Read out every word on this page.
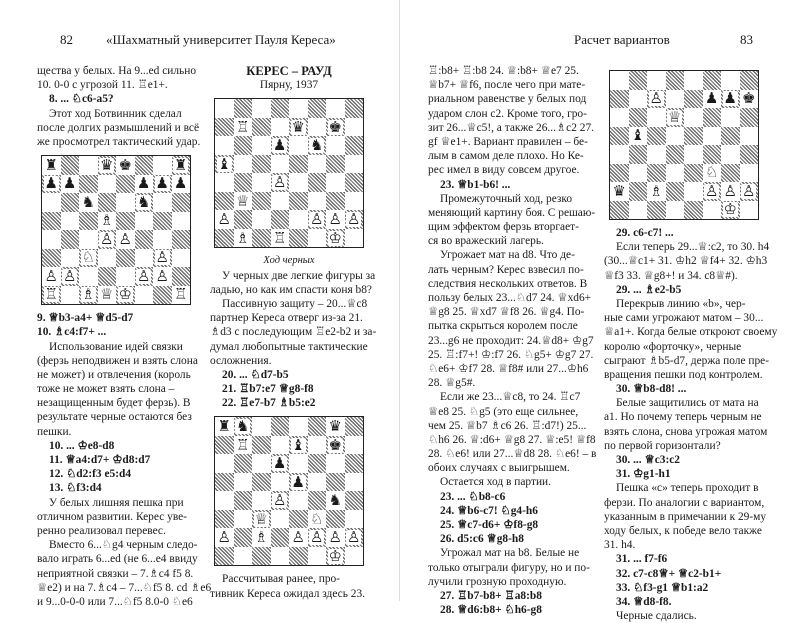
82	«Шахматный университет Пауля Кереса»	Расчет вариантов	83

щества у белых. На 9...ed сильно

10. 0-0 с угрозой 11. ♖e1+.

8. ... ♘c6-a5?

Этот ход Ботвинник сделал

после долгих размышлений и всё

же просмотрел тактический удар.

♜	♛ ♚	♜
♟ ♟	♟ ♟ ♟
♞	♞
♗
♙ ♙
♘	♙
♙ ♙	♙ ♙
♖ ♗ ♕ ♔	♖

9. ♕b3-a4+ ♕d5-d7

10. ♗c4:f7+ ...

Использование идей связки

(ферзь неподвижен и взять слона

не может) и отвлечения (король

тоже не может взять слона –

незащищенным будет ферзь). В

результате черные остаются без

пешки.

10. ... ♔e8-d8

11. ♕a4:d7+ ♔d8:d7

12. ♘d2:f3 e5:d4

13. ♘f3:d4

У белых лишняя пешка при

отличном развитии. Керес уве-

ренно реализовал перевес.

Вместо 6...♘g4 черным следо-

вало играть 6...ed (не 6...e4 ввиду

неприятной связки – 7.♗c4 f5 8.

♕e2) и на 7.♗c4 – 7...♘f5 8. cd ♗e6

и 9...0-0-0 или 7...♘f5 8.0-0 ♘e6

КЕРЕС – РАУД

Пярну, 1937

♖	♛ ♚
♟ ♞
♝
♙
♕
♙	♙ ♙ ♙
♗ ♖	♔

Ход черных

У черных две легкие фигуры за

ладью, но как им спасти коня b8?

Пассивную защиту – 20...♕c8

партнер Кереса отверг из-за 21.

♗d3 с последующим ♖e2-b2 и за-

думал любопытные тактические

осложнения.

20. ... ♘d7-b5

21. ♖b7:e7 ♕g8-f8

22. ♖e7-b7 ♗b5:e2

♜ ♞	♛
♖	♝ ♚
♟
♟
♙	♞
♕	♘
♙ ♗ ♙ ♙ ♙ ♙
♔

Рассчитывая ранее, про-

тивник Кереса ожидал здесь 23.

♖:b8+ ♖:b8 24. ♕:b8+ ♕e7 25.

♕b7+ ♕f6, после чего при мате-

риальном равенстве у белых под

ударом слон c2. Кроме того, гро-

зит 26...♕c5!, а также 26...♗c2 27.

gf ♕e1+. Вариант правилен – бе-

лым в самом деле плохо. Но Ке-

рес имел в виду совсем другое.

23. ♕b1-b6! ...

Промежуточный ход, резко

меняющий картину боя. С решаю-

щим эффектом ферзь вторгает-

ся во вражеский лагерь.

Угрожает мат на d8. Что де-

лать черным? Керес взвесил по-

следствия нескольких ответов. В

пользу белых 23...♘d7 24. ♕xd6+

♕g8 25. ♕xd7 ♕f8 26. ♕g4. По-

пытка скрыться королем после

23...g6 не проходит: 24.♕d8+ ♔g7

25. ♖:f7+! ♔:f7 26. ♘g5+ ♔g7 27.

♘e6+ ♔f7 28. ♕f8# или 27...♔h6

28. ♕g5#.

Если же 23...♕c8, то 24. ♖c7

♕e8 25. ♘g5 (это еще сильнее,

чем 25. ♕b7 ♗c6 26. ♖:d7!) 25...

♘h6 26. ♕:d6+ ♕g8 27. ♕:e5! ♕f8

28. ♘e6! или 27...♕d8 28. ♘e6! – в

обоих случаях с выигрышем.

Остается ход в партии.

23. ... ♘b8-c6

24. ♕b6-c7! ♘g4-h6

25. ♕c7-d6+ ♔f8-g8

26. d5:c6 ♕g8-h8

Угрожал мат на b8. Белые не

только отыграли фигуру, но и по-

лучили грозную проходную.

27. ♖b7-b8+ ♖a8:b8

28. ♕d6:b8+ ♘h6-g8

♙	♟ ♟ ♚
♕
♝
♘
♛ ♗	♙ ♙ ♙
♔

29. c6-c7! ...

Если теперь 29...♕:c2, то 30. h4

(30...♕c1+ 31. ♔h2 ♕f4+ 32. ♔h3

♕f3 33. ♕g8+! и 34. c8♕#).

29. ... ♗e2-b5

Перекрыв линию «b», чер-

ные сами угрожают матом – 30...

♕a1+. Когда белые откроют своему

королю «форточку», черные

сыграют ♗b5-d7, держа поле пре-

вращения пешки под контролем.

30. ♕b8-d8! ...

Белые защитились от мата на

a1. Но почему теперь черным не

взять слона, снова угрожая матом

по первой горизонтали?

30. ... ♕c3:c2

31. ♔g1-h1

Пешка «c» теперь проходит в

ферзи. По аналогии с вариантом,

указанным в примечании к 29-му

ходу белых, к победе вело также

31. h4.

31. ... f7-f6

32. c7-c8♕+ ♕c2-b1+

33. ♘f3-g1 ♕b1:a2

34. ♕d8-f8.

Черные сдались.
